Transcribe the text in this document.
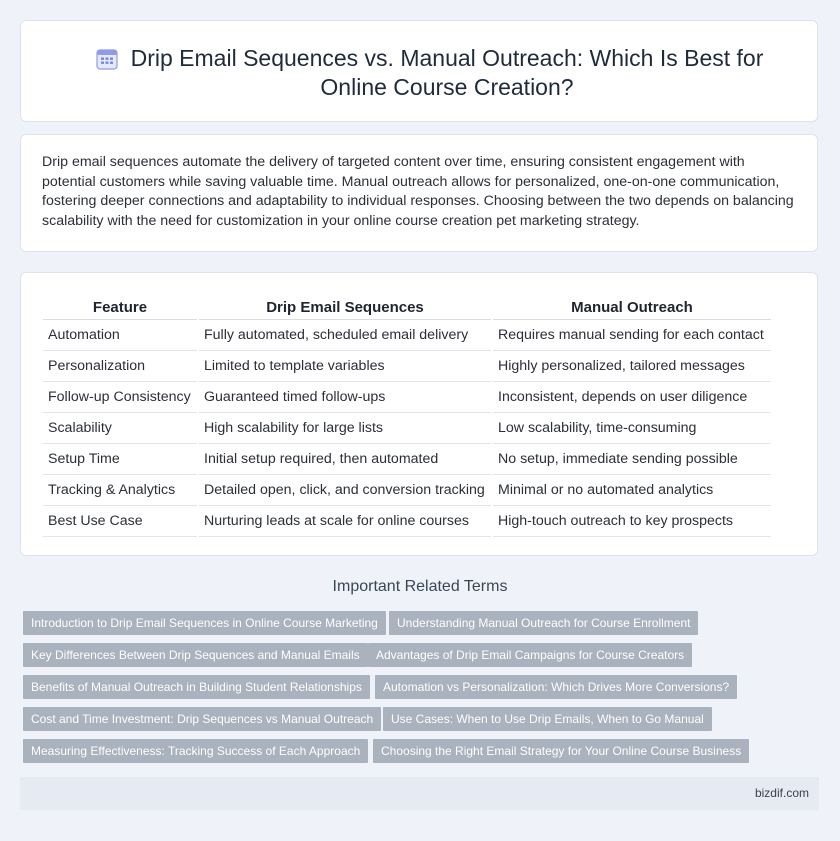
Drip Email Sequences vs. Manual Outreach: Which Is Best for Online Course Creation?

Drip email sequences automate the delivery of targeted content over time, ensuring consistent engagement with potential customers while saving valuable time. Manual outreach allows for personalized, one-on-one communication, fostering deeper connections and adaptability to individual responses. Choosing between the two depends on balancing scalability with the need for customization in your online course creation pet marketing strategy.

Feature	Drip Email Sequences	Manual Outreach
Automation	Fully automated, scheduled email delivery	Requires manual sending for each contact
Personalization	Limited to template variables	Highly personalized, tailored messages
Follow-up Consistency	Guaranteed timed follow-ups	Inconsistent, depends on user diligence
Scalability	High scalability for large lists	Low scalability, time-consuming
Setup Time	Initial setup required, then automated	No setup, immediate sending possible
Tracking & Analytics	Detailed open, click, and conversion tracking	Minimal or no automated analytics
Best Use Case	Nurturing leads at scale for online courses	High-touch outreach to key prospects
Important Related Terms
Introduction to Drip Email Sequences in Online Course Marketing	Understanding Manual Outreach for Course Enrollment
Key Differences Between Drip Sequences and Manual Emails	Advantages of Drip Email Campaigns for Course Creators
Benefits of Manual Outreach in Building Student Relationships	Automation vs Personalization: Which Drives More Conversions?
Cost and Time Investment: Drip Sequences vs Manual Outreach	Use Cases: When to Use Drip Emails, When to Go Manual
Measuring Effectiveness: Tracking Success of Each Approach	Choosing the Right Email Strategy for Your Online Course Business
bizdif.com
